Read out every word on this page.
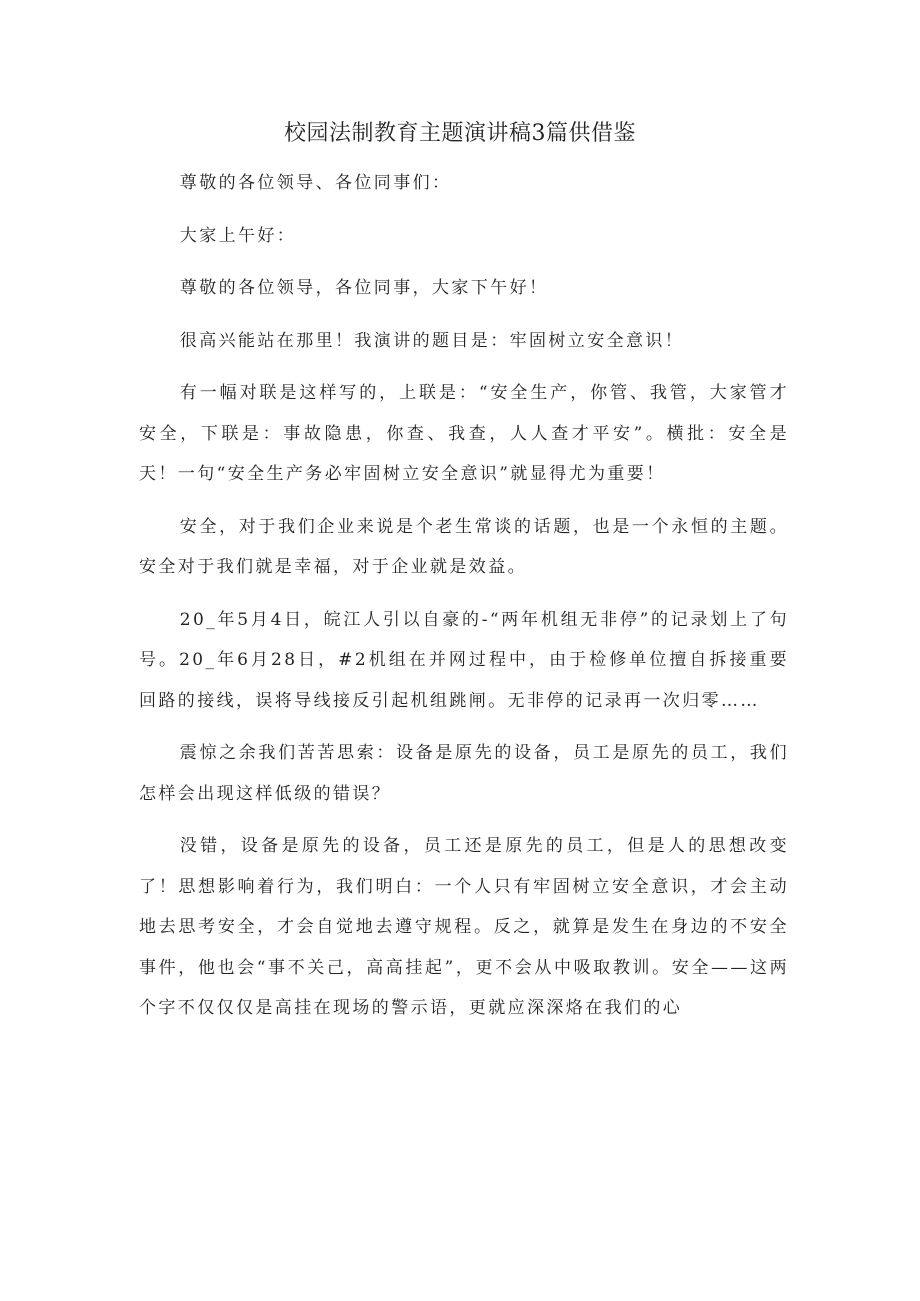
校园法制教育主题演讲稿3篇供借鉴

尊敬的各位领导、各位同事们：

大家上午好：

尊敬的各位领导，各位同事，大家下午好！

很高兴能站在那里！我演讲的题目是：牢固树立安全意识！

有一幅对联是这样写的，上联是：“安全生产，你管、我管，大家管才安全，下联是：事故隐患，你查、我查，人人查才平安”。横批：安全是天！一句“安全生产务必牢固树立安全意识”就显得尤为重要！

安全，对于我们企业来说是个老生常谈的话题，也是一个永恒的主题。安全对于我们就是幸福，对于企业就是效益。

20_年5月4日，皖江人引以自豪的-“两年机组无非停”的记录划上了句号。20_年6月28日，#2机组在并网过程中，由于检修单位擅自拆接重要回路的接线，误将导线接反引起机组跳闸。无非停的记录再一次归零……

震惊之余我们苦苦思索：设备是原先的设备，员工是原先的员工，我们怎样会出现这样低级的错误？

没错，设备是原先的设备，员工还是原先的员工，但是人的思想改变了！思想影响着行为，我们明白：一个人只有牢固树立安全意识，才会主动地去思考安全，才会自觉地去遵守规程。反之，就算是发生在身边的不安全事件，他也会“事不关己，高高挂起”，更不会从中吸取教训。安全——这两个字不仅仅仅是高挂在现场的警示语，更就应深深烙在我们的心
